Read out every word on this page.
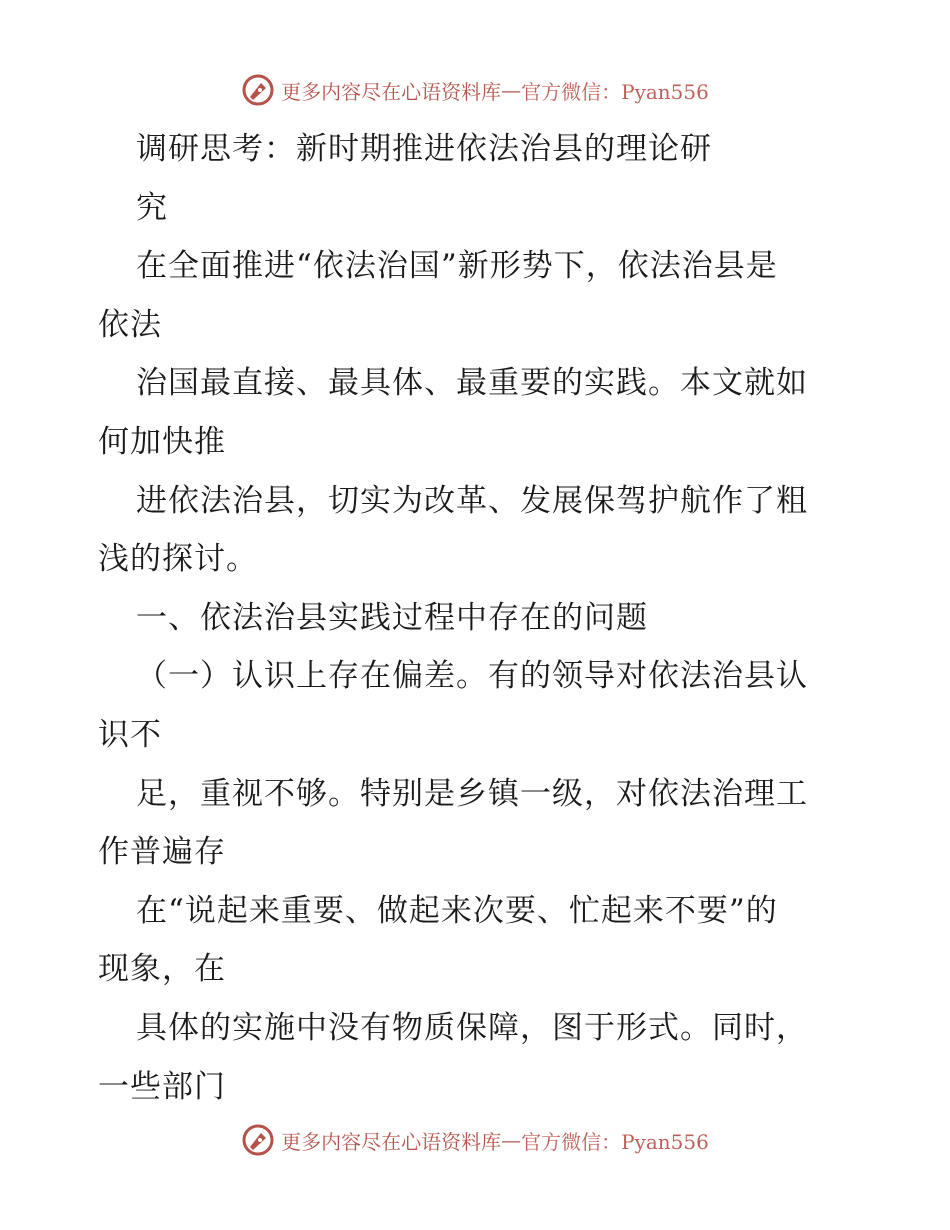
更多内容尽在心语资料库 — 官方微信：Pyan556
调研思考：新时期推进依法治县的理论研
究
在全面推进“依法治国”新形势下，依法治县是
依法
治国最直接、最具体、最重要的实践。本文就如
何加快推
进依法治县，切实为改革、发展保驾护航作了粗
浅的探讨。
一、依法治县实践过程中存在的问题
（一）认识上存在偏差。有的领导对依法治县认
识不
足，重视不够。特别是乡镇一级，对依法治理工
作普遍存
在“说起来重要、做起来次要、忙起来不要”的
现象，在
具体的实施中没有物质保障，图于形式。同时，
一些部门
更多内容尽在心语资料库 — 官方微信：Pyan556
